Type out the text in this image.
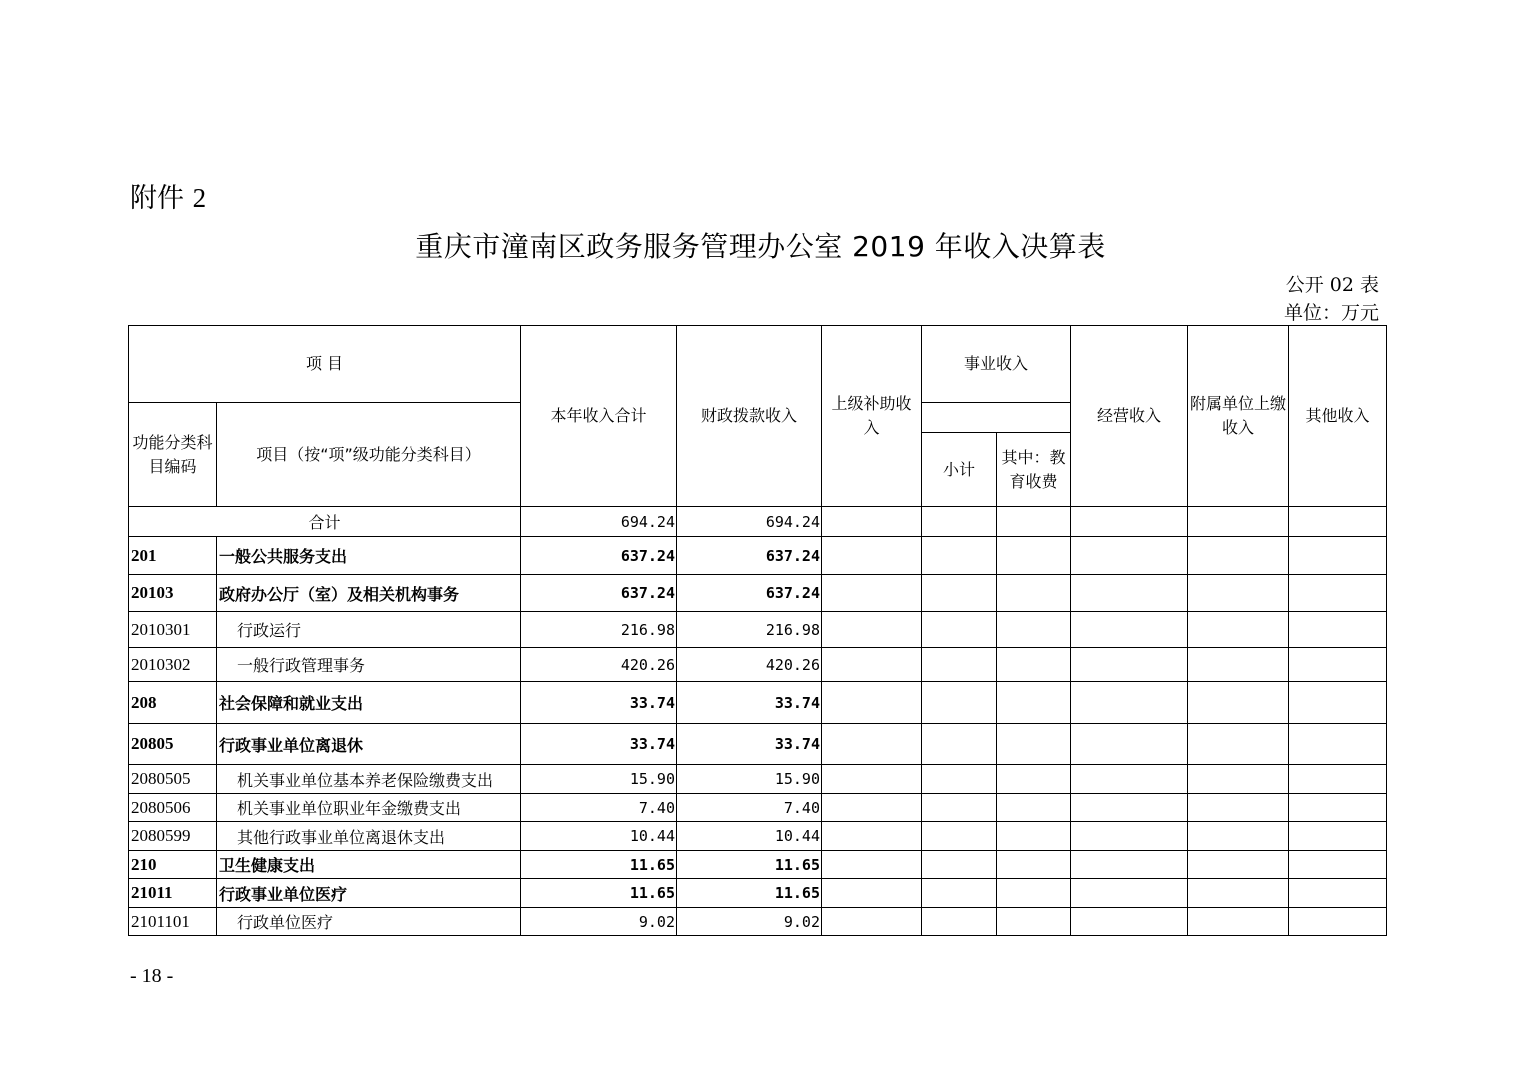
附件 2
重庆市潼南区政务服务管理办公室 2019 年收入决算表
公开 02 表
单位：万元
项 目		本年收入合计	财政拨款收入	上级补助收入	事业收入		经营收入	附属单位上缴收入	其他收入
功能分类科目编码	项目（按“项”级功能分类科目）								
					小计	其中：教育收费			
合计		694.24	694.24						
201	一般公共服务支出	637.24	637.24						
20103	政府办公厅（室）及相关机构事务	637.24	637.24						
2010301	行政运行	216.98	216.98						
2010302	一般行政管理事务	420.26	420.26						
208	社会保障和就业支出	33.74	33.74						
20805	行政事业单位离退休	33.74	33.74						
2080505	机关事业单位基本养老保险缴费支出	15.90	15.90						
2080506	机关事业单位职业年金缴费支出	7.40	7.40						
2080599	其他行政事业单位离退休支出	10.44	10.44						
210	卫生健康支出	11.65	11.65						
21011	行政事业单位医疗	11.65	11.65						
2101101	行政单位医疗	9.02	9.02						
- 18 -
